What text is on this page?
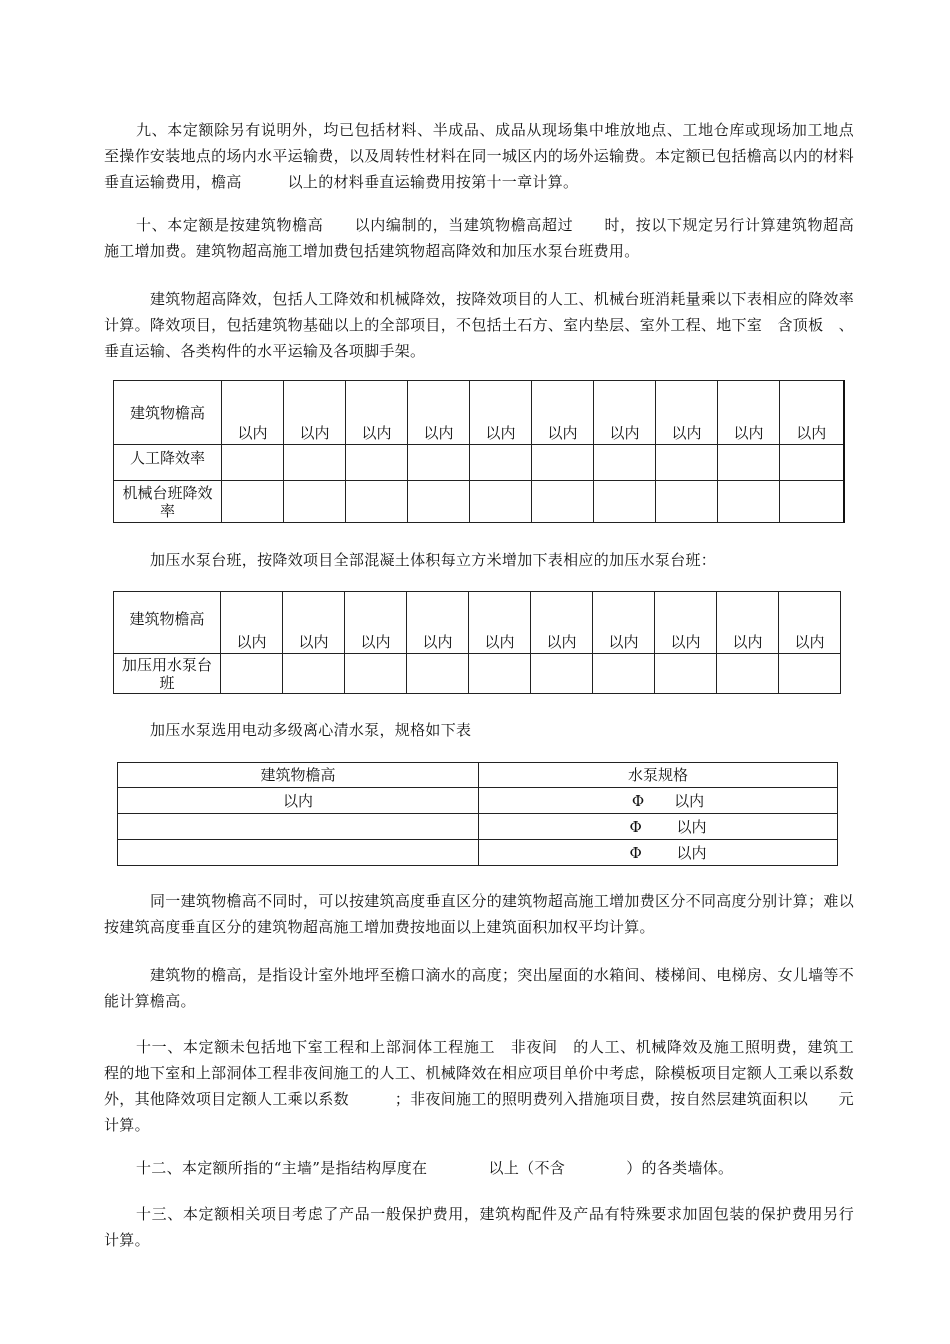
九、本定额除另有说明外，均已包括材料、半成品、成品从现场集中堆放地点、工地仓库或现场加工地点至操作安装地点的场内水平运输费，以及周转性材料在同一城区内的场外运输费。本定额已包括檐高以内的材料垂直运输费用，檐高　　　以上的材料垂直运输费用按第十一章计算。

十、本定额是按建筑物檐高　　以内编制的，当建筑物檐高超过　　时，按以下规定另行计算建筑物超高施工增加费。建筑物超高施工增加费包括建筑物超高降效和加压水泵台班费用。

建筑物超高降效，包括人工降效和机械降效，按降效项目的人工、机械台班消耗量乘以下表相应的降效率计算。降效项目，包括建筑物基础以上的全部项目，不包括土石方、室内垫层、室外工程、地下室　含顶板　、垂直运输、各类构件的水平运输及各项脚手架。

建筑物檐高	以内	以内	以内	以内	以内	以内	以内	以内	以内	以内
人工降效率										
机械台班降效率										

加压水泵台班，按降效项目全部混凝土体积每立方米增加下表相应的加压水泵台班：

建筑物檐高	以内	以内	以内	以内	以内	以内	以内	以内	以内	以内
加压用水泵台班										

加压水泵选用电动多级离心清水泵，规格如下表

建筑物檐高	水泵规格
以内	Φ　　以内
	Φ　　 以内
	Φ　　 以内

同一建筑物檐高不同时，可以按建筑高度垂直区分的建筑物超高施工增加费区分不同高度分别计算；难以按建筑高度垂直区分的建筑物超高施工增加费按地面以上建筑面积加权平均计算。

建筑物的檐高，是指设计室外地坪至檐口滴水的高度；突出屋面的水箱间、楼梯间、电梯房、女儿墙等不能计算檐高。

十一、本定额未包括地下室工程和上部洞体工程施工　非夜间　的人工、机械降效及施工照明费，建筑工程的地下室和上部洞体工程非夜间施工的人工、机械降效在相应项目单价中考虑，除模板项目定额人工乘以系数　　　外，其他降效项目定额人工乘以系数　　　；非夜间施工的照明费列入措施项目费，按自然层建筑面积以　　元　　计算。

十二、本定额所指的“主墙”是指结构厚度在　　　　以上（不含　　　　）的各类墙体。

十三、本定额相关项目考虑了产品一般保护费用，建筑构配件及产品有特殊要求加固包装的保护费用另行计算。
